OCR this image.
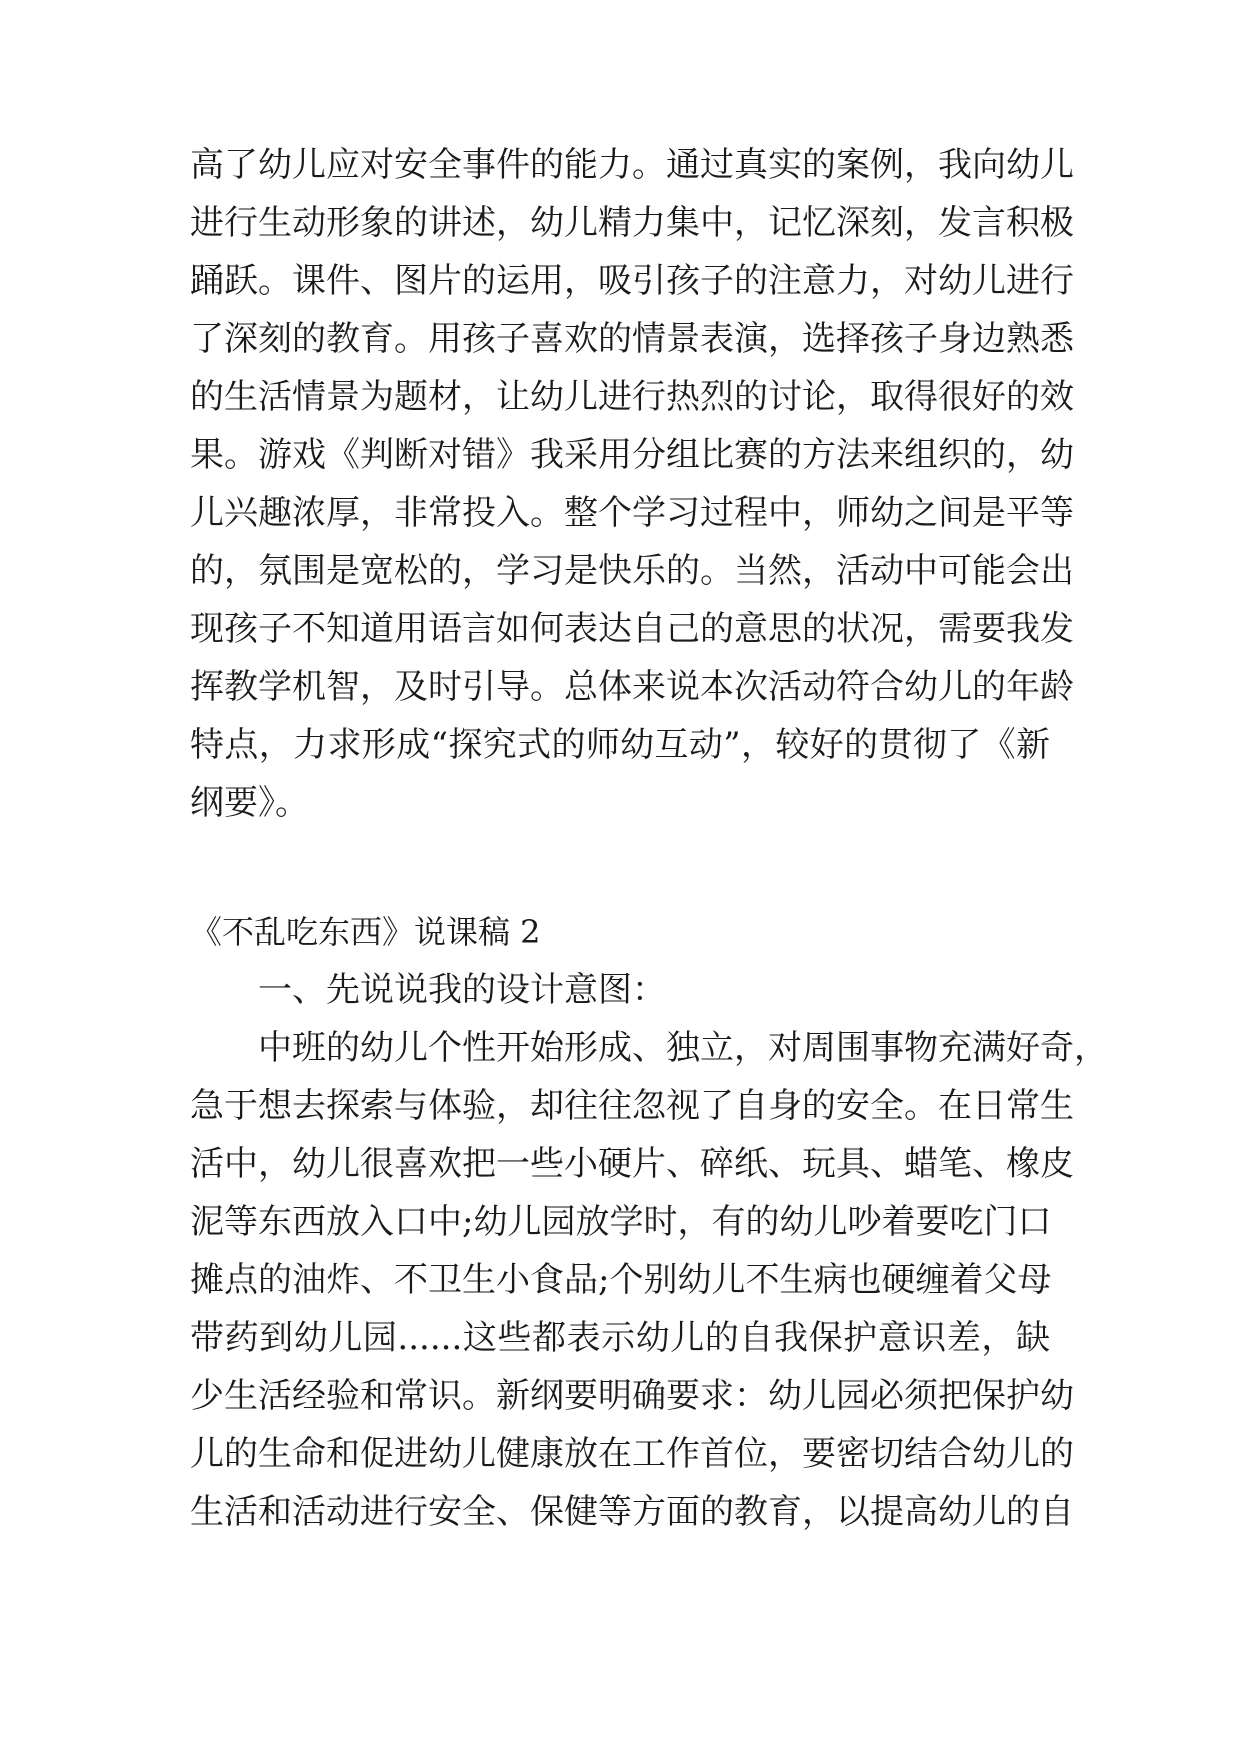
高了幼儿应对安全事件的能力。通过真实的案例，我向幼儿
进行生动形象的讲述，幼儿精力集中，记忆深刻，发言积极
踊跃。课件、图片的运用，吸引孩子的注意力，对幼儿进行
了深刻的教育。用孩子喜欢的情景表演，选择孩子身边熟悉
的生活情景为题材，让幼儿进行热烈的讨论，取得很好的效
果。游戏《判断对错》我采用分组比赛的方法来组织的，幼
儿兴趣浓厚，非常投入。整个学习过程中，师幼之间是平等
的，氛围是宽松的，学习是快乐的。当然，活动中可能会出
现孩子不知道用语言如何表达自己的意思的状况，需要我发
挥教学机智，及时引导。总体来说本次活动符合幼儿的年龄
特点，力求形成“探究式的师幼互动”，较好的贯彻了《新
纲要》。
《不乱吃东西》说课稿 2
一、先说说我的设计意图：
中班的幼儿个性开始形成、独立，对周围事物充满好奇，
急于想去探索与体验，却往往忽视了自身的安全。在日常生
活中，幼儿很喜欢把一些小硬片、碎纸、玩具、蜡笔、橡皮
泥等东西放入口中;幼儿园放学时，有的幼儿吵着要吃门口
摊点的油炸、不卫生小食品;个别幼儿不生病也硬缠着父母
带药到幼儿园......这些都表示幼儿的自我保护意识差，缺
少生活经验和常识。新纲要明确要求：幼儿园必须把保护幼
儿的生命和促进幼儿健康放在工作首位，要密切结合幼儿的
生活和活动进行安全、保健等方面的教育，以提高幼儿的自
